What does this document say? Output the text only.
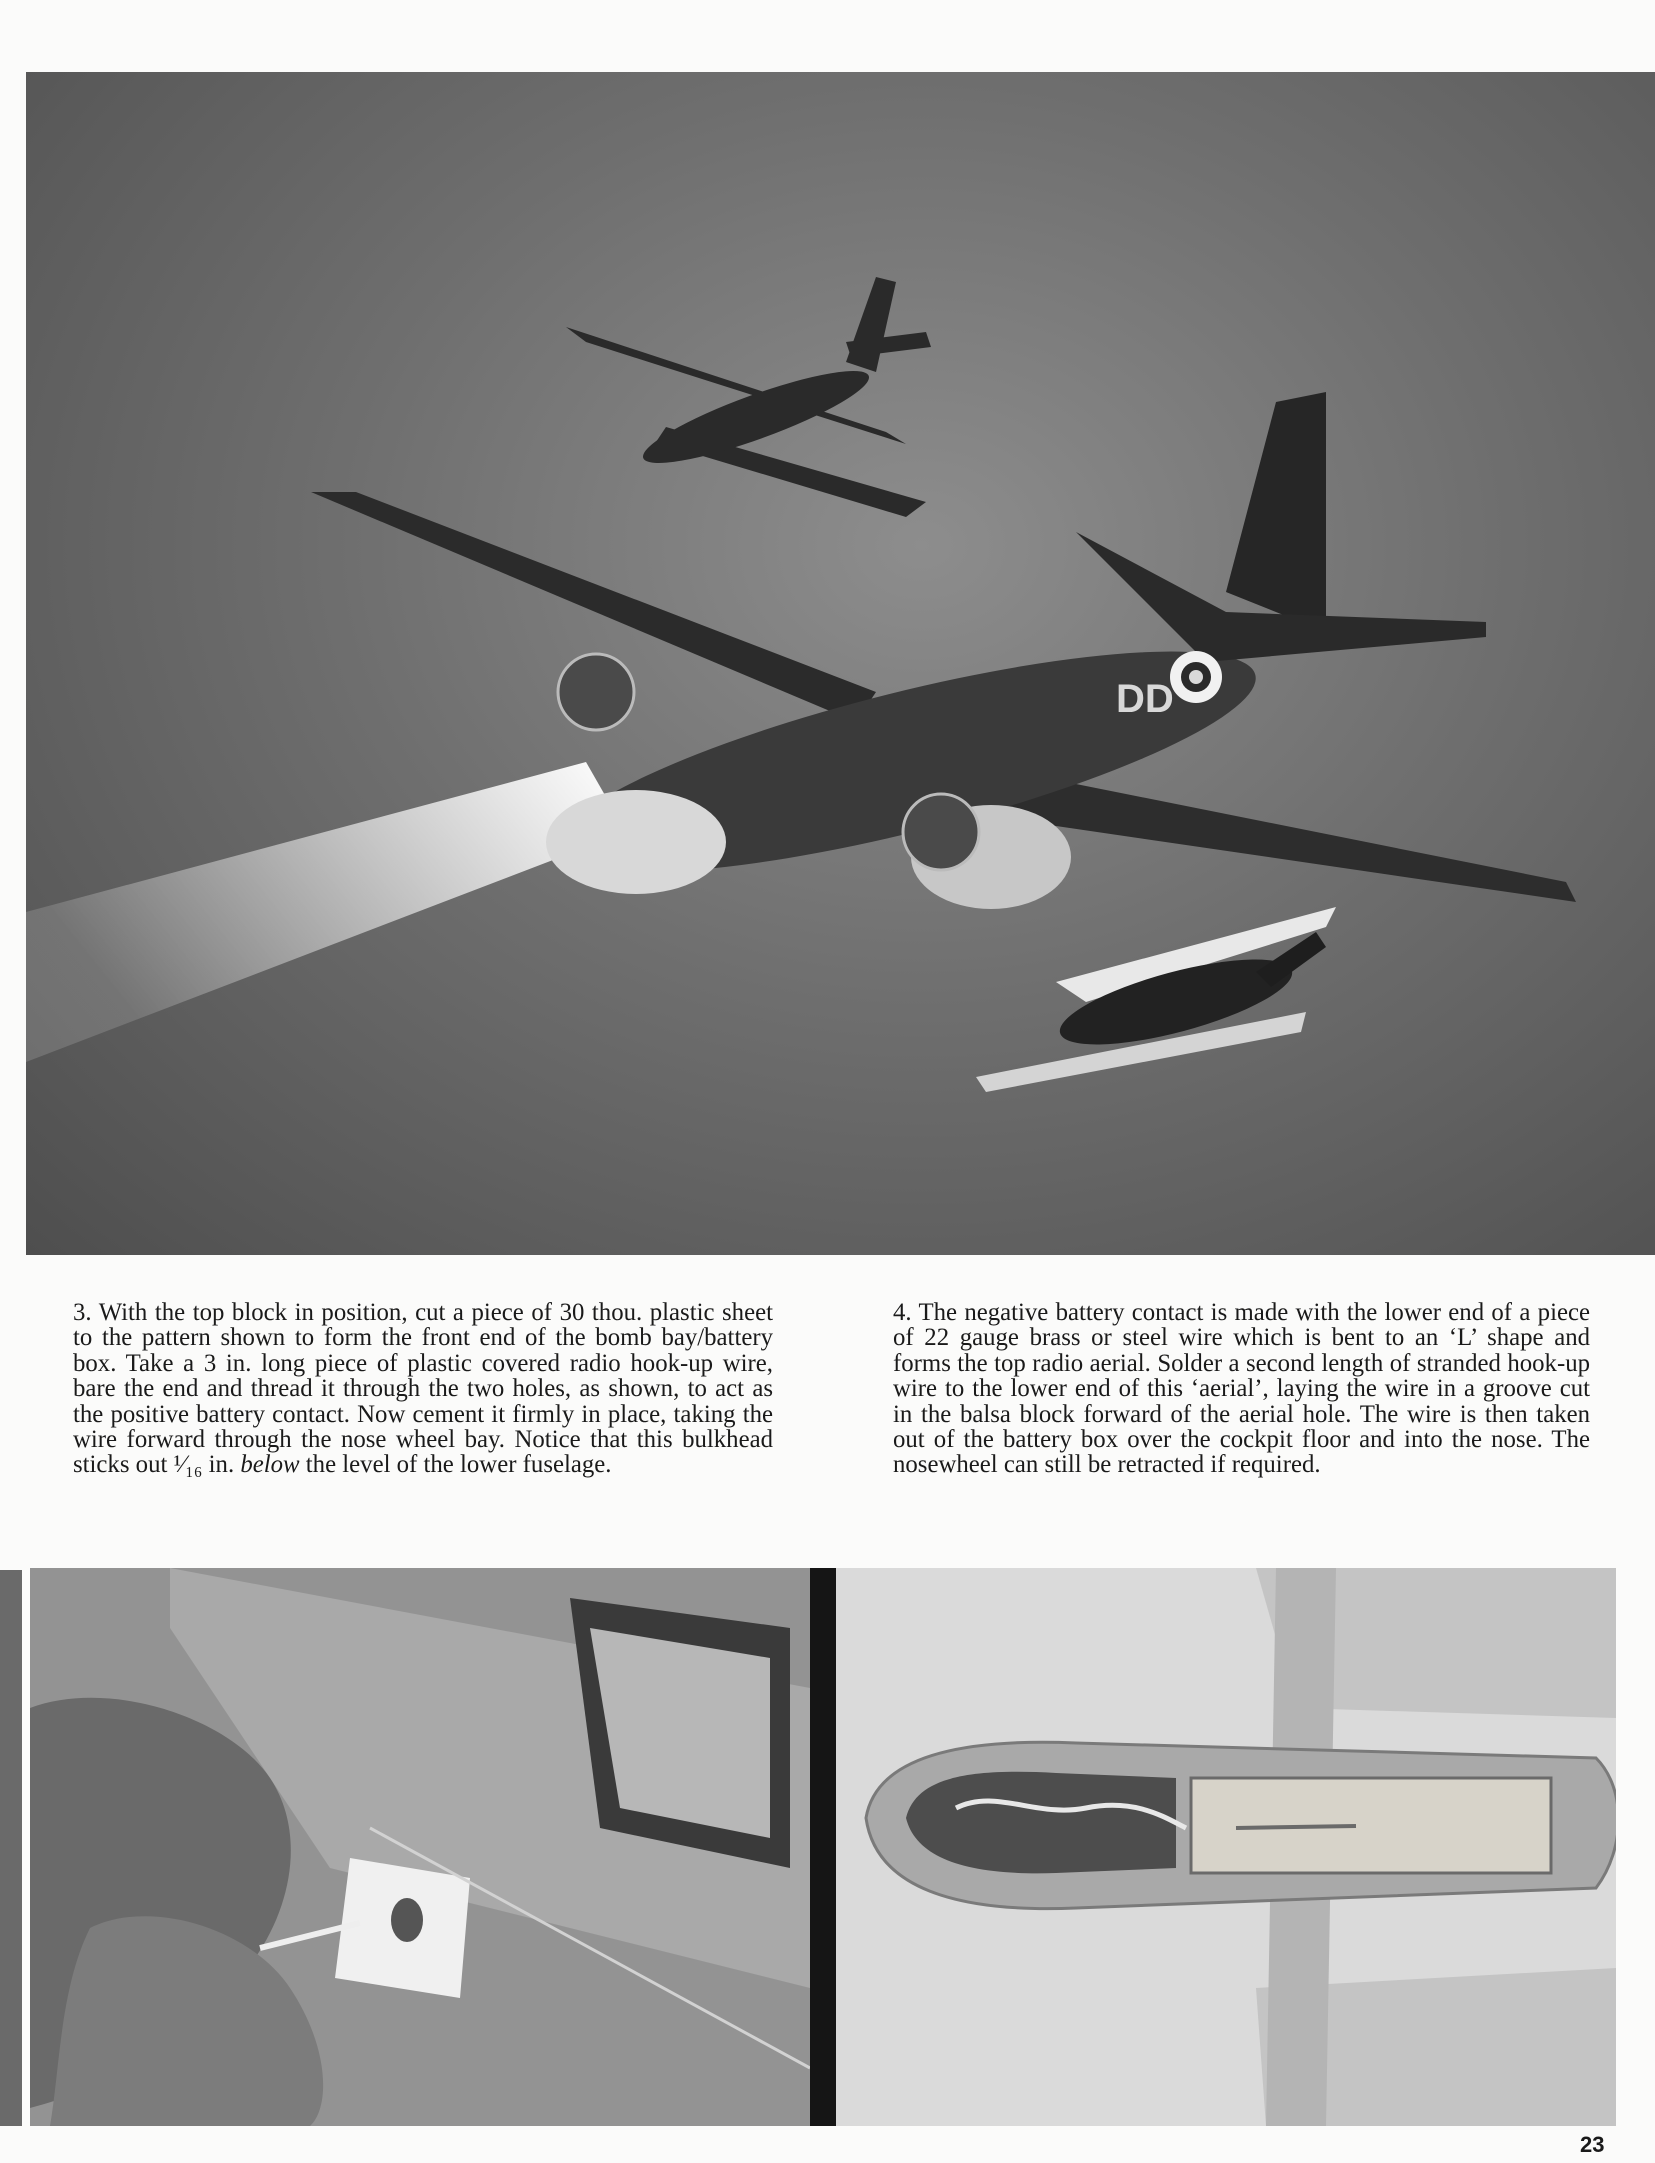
DD
3. With the top block in position, cut a piece of 30 thou. plastic sheet to the pattern shown to form the front end of the bomb bay/battery box. Take a 3 in. long piece of plastic covered radio hook-up wire, bare the end and thread it through the two holes, as shown, to act as the positive battery contact. Now cement it firmly in place, taking the wire forward through the nose wheel bay. Notice that this bulkhead sticks out ¹⁄₁₆ in. below the level of the lower fuselage.
4. The negative battery contact is made with the lower end of a piece of 22 gauge brass or steel wire which is bent to an ‘L’ shape and forms the top radio aerial. Solder a second length of stranded hook-up wire to the lower end of this ‘aerial’, laying the wire in a groove cut in the balsa block forward of the aerial hole. The wire is then taken out of the battery box over the cockpit floor and into the nose. The nosewheel can still be retracted if required.
23
